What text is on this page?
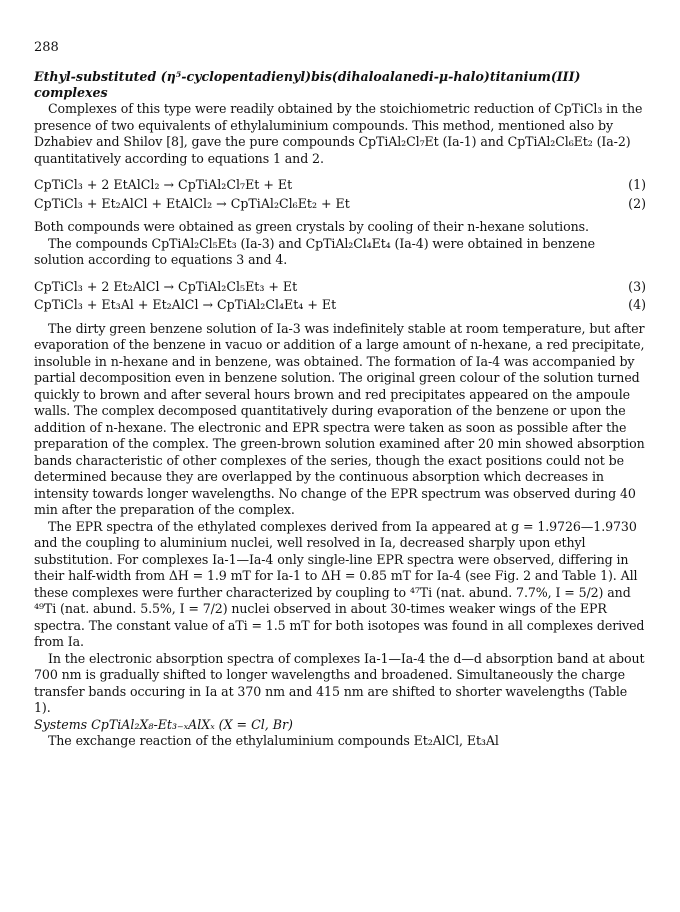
288
Ethyl-substituted (η⁵-cyclopentadienyl)bis(dihaloalanedi-μ-halo)titanium(III) complexes

Complexes of this type were readily obtained by the stoichiometric reduction of CpTiCl₃ in the presence of two equivalents of ethylaluminium compounds. This method, mentioned also by Dzhabiev and Shilov [8], gave the pure compounds CpTiAl₂Cl₇Et (Ia-1) and CpTiAl₂Cl₆Et₂ (Ia-2) quantitatively according to equations 1 and 2.

CpTiCl₃ + 2 EtAlCl₂ → CpTiAl₂Cl₇Et + Et	(1)
CpTiCl₃ + Et₂AlCl + EtAlCl₂ → CpTiAl₂Cl₆Et₂ + Et	(2)

Both compounds were obtained as green crystals by cooling of their n-hexane solutions.

The compounds CpTiAl₂Cl₅Et₃ (Ia-3) and CpTiAl₂Cl₄Et₄ (Ia-4) were obtained in benzene solution according to equations 3 and 4.

CpTiCl₃ + 2 Et₂AlCl → CpTiAl₂Cl₅Et₃ + Et	(3)
CpTiCl₃ + Et₃Al + Et₂AlCl → CpTiAl₂Cl₄Et₄ + Et	(4)

The dirty green benzene solution of Ia-3 was indefinitely stable at room temperature, but after evaporation of the benzene in vacuo or addition of a large amount of n-hexane, a red precipitate, insoluble in n-hexane and in benzene, was obtained. The formation of Ia-4 was accompanied by partial decomposition even in benzene solution. The original green colour of the solution turned quickly to brown and after several hours brown and red precipitates appeared on the ampoule walls. The complex decomposed quantitatively during evaporation of the benzene or upon the addition of n-hexane. The electronic and EPR spectra were taken as soon as possible after the preparation of the complex. The green-brown solution examined after 20 min showed absorption bands characteristic of other complexes of the series, though the exact positions could not be determined because they are overlapped by the continuous absorption which decreases in intensity towards longer wavelengths. No change of the EPR spectrum was observed during 40 min after the preparation of the complex.

The EPR spectra of the ethylated complexes derived from Ia appeared at g = 1.9726—1.9730 and the coupling to aluminium nuclei, well resolved in Ia, decreased sharply upon ethyl substitution. For complexes Ia-1—Ia-4 only single-line EPR spectra were observed, differing in their half-width from ΔH = 1.9 mT for Ia-1 to ΔH = 0.85 mT for Ia-4 (see Fig. 2 and Table 1). All these complexes were further characterized by coupling to ⁴⁷Ti (nat. abund. 7.7%, I = 5/2) and ⁴⁹Ti (nat. abund. 5.5%, I = 7/2) nuclei observed in about 30-times weaker wings of the EPR spectra. The constant value of aTi = 1.5 mT for both isotopes was found in all complexes derived from Ia.

In the electronic absorption spectra of complexes Ia-1—Ia-4 the d—d absorption band at about 700 nm is gradually shifted to longer wavelengths and broadened. Simultaneously the charge transfer bands occuring in Ia at 370 nm and 415 nm are shifted to shorter wavelengths (Table 1).

Systems CpTiAl₂X₈-Et₃₋ₓAlXₓ (X = Cl, Br)

The exchange reaction of the ethylaluminium compounds Et₂AlCl, Et₃Al
